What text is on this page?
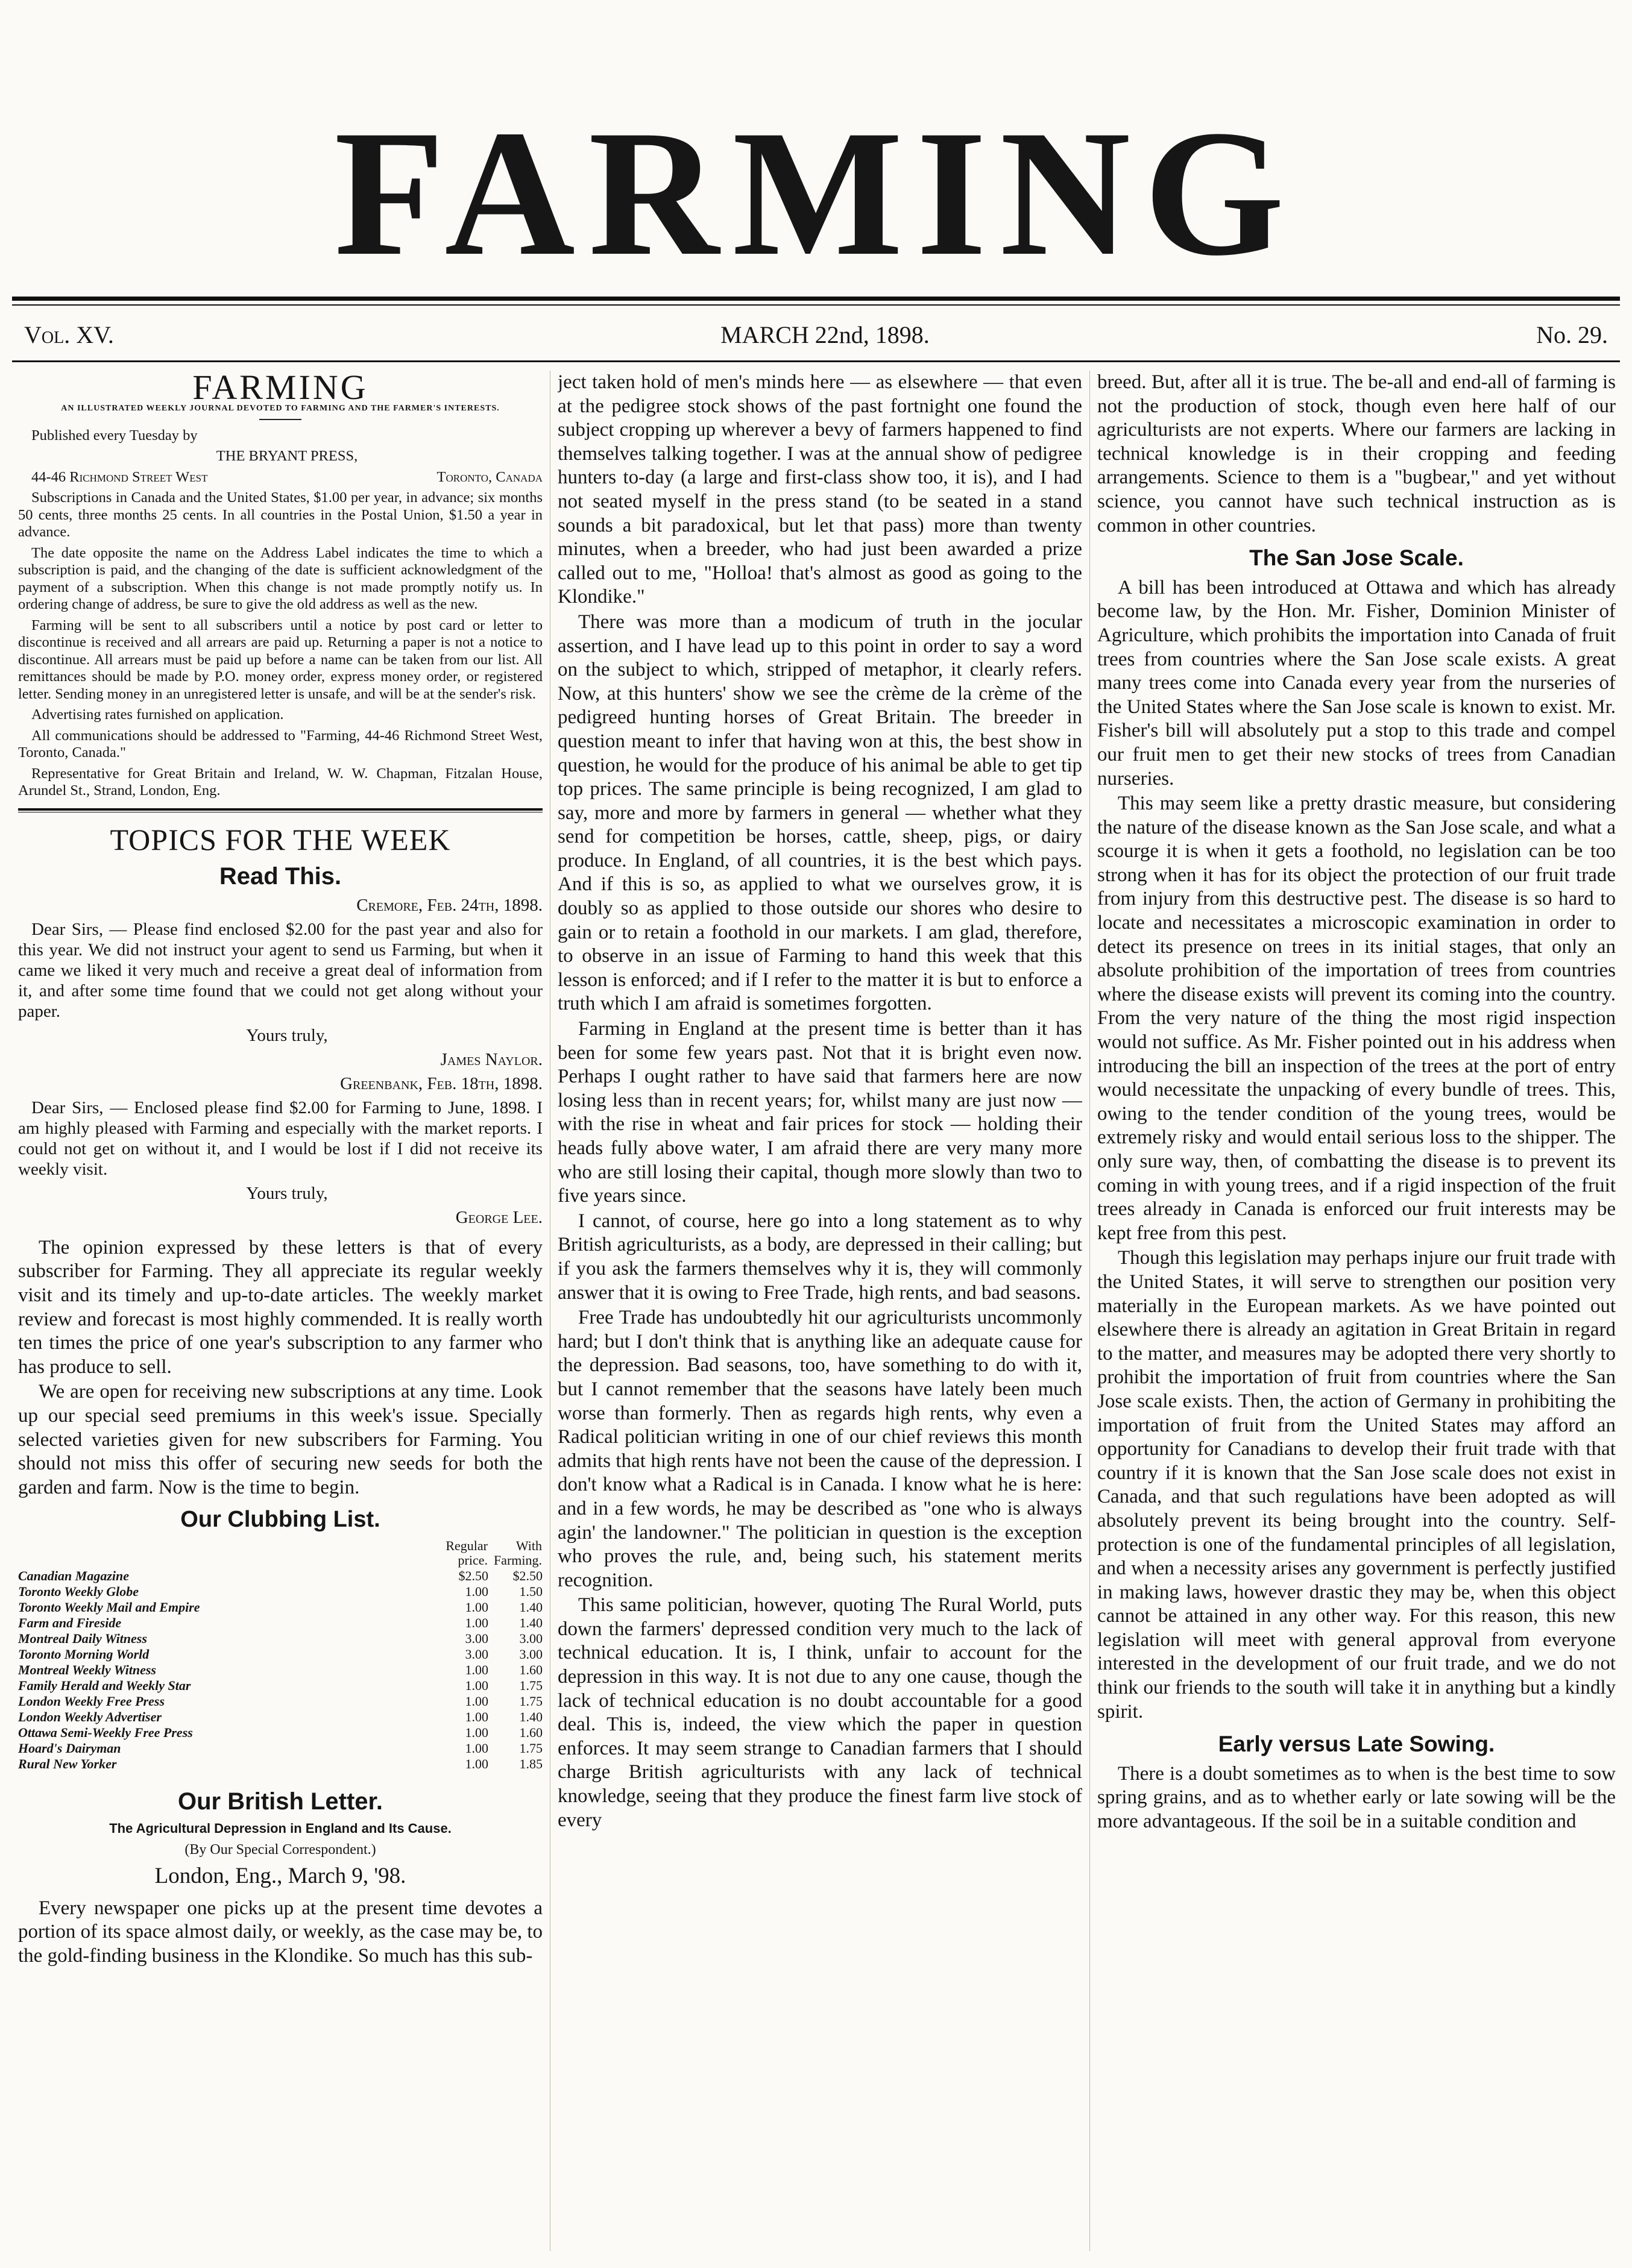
FARMING
Vol. XV.	MARCH 22nd, 1898.	No. 29.
FARMING
AN ILLUSTRATED WEEKLY JOURNAL DEVOTED TO FARMING AND THE FARMER'S INTERESTS.

Published every Tuesday by

THE BRYANT PRESS,

44-46 Richmond Street West	Toronto, Canada

Subscriptions in Canada and the United States, $1.00 per year, in advance; six months 50 cents, three months 25 cents. In all countries in the Postal Union, $1.50 a year in advance.

The date opposite the name on the Address Label indicates the time to which a subscription is paid, and the changing of the date is sufficient acknowledgment of the payment of a subscription. When this change is not made promptly notify us. In ordering change of address, be sure to give the old address as well as the new.

Farming will be sent to all subscribers until a notice by post card or letter to discontinue is received and all arrears are paid up. Returning a paper is not a notice to discontinue. All arrears must be paid up before a name can be taken from our list. All remittances should be made by P.O. money order, express money order, or registered letter. Sending money in an unregistered letter is unsafe, and will be at the sender's risk.

Advertising rates furnished on application.

All communications should be addressed to "Farming, 44-46 Richmond Street West, Toronto, Canada."

Representative for Great Britain and Ireland, W. W. Chapman, Fitzalan House, Arundel St., Strand, London, Eng.

TOPICS FOR THE WEEK
Read This.

Cremore, Feb. 24th, 1898.

Dear Sirs, — Please find enclosed $2.00 for the past year and also for this year. We did not instruct your agent to send us Farming, but when it came we liked it very much and receive a great deal of information from it, and after some time found that we could not get along without your paper.

Yours truly,

James Naylor.

Greenbank, Feb. 18th, 1898.

Dear Sirs, — Enclosed please find $2.00 for Farming to June, 1898. I am highly pleased with Farming and especially with the market reports. I could not get on without it, and I would be lost if I did not receive its weekly visit.

Yours truly,

George Lee.

The opinion expressed by these letters is that of every subscriber for Farming. They all appreciate its regular weekly visit and its timely and up-to-date articles. The weekly market review and forecast is most highly commended. It is really worth ten times the price of one year's subscription to any farmer who has produce to sell.

We are open for receiving new subscriptions at any time. Look up our special seed premiums in this week's issue. Specially selected varieties given for new subscribers for Farming. You should not miss this offer of securing new seeds for both the garden and farm. Now is the time to begin.

Our Clubbing List.
	Regular price.	With Farming.
Canadian Magazine	$2.50	$2.50
Toronto Weekly Globe	1.00	1.50
Toronto Weekly Mail and Empire	1.00	1.40
Farm and Fireside	1.00	1.40
Montreal Daily Witness	3.00	3.00
Toronto Morning World	3.00	3.00
Montreal Weekly Witness	1.00	1.60
Family Herald and Weekly Star	1.00	1.75
London Weekly Free Press	1.00	1.75
London Weekly Advertiser	1.00	1.40
Ottawa Semi-Weekly Free Press	1.00	1.60
Hoard's Dairyman	1.00	1.75
Rural New Yorker	1.00	1.85
Our British Letter.

The Agricultural Depression in England and Its Cause.

(By Our Special Correspondent.)

London, Eng., March 9, '98.

Every newspaper one picks up at the present time devotes a portion of its space almost daily, or weekly, as the case may be, to the gold-finding business in the Klondike. So much has this sub-

ject taken hold of men's minds here — as elsewhere — that even at the pedigree stock shows of the past fortnight one found the subject cropping up wherever a bevy of farmers happened to find themselves talking together. I was at the annual show of pedigree hunters to-day (a large and first-class show too, it is), and I had not seated myself in the press stand (to be seated in a stand sounds a bit paradoxical, but let that pass) more than twenty minutes, when a breeder, who had just been awarded a prize called out to me, "Holloa! that's almost as good as going to the Klondike."

There was more than a modicum of truth in the jocular assertion, and I have lead up to this point in order to say a word on the subject to which, stripped of metaphor, it clearly refers. Now, at this hunters' show we see the crème de la crème of the pedigreed hunting horses of Great Britain. The breeder in question meant to infer that having won at this, the best show in question, he would for the produce of his animal be able to get tip top prices. The same principle is being recognized, I am glad to say, more and more by farmers in general — whether what they send for competition be horses, cattle, sheep, pigs, or dairy produce. In England, of all countries, it is the best which pays. And if this is so, as applied to what we ourselves grow, it is doubly so as applied to those outside our shores who desire to gain or to retain a foothold in our markets. I am glad, therefore, to observe in an issue of Farming to hand this week that this lesson is enforced; and if I refer to the matter it is but to enforce a truth which I am afraid is sometimes forgotten.

Farming in England at the present time is better than it has been for some few years past. Not that it is bright even now. Perhaps I ought rather to have said that farmers here are now losing less than in recent years; for, whilst many are just now — with the rise in wheat and fair prices for stock — holding their heads fully above water, I am afraid there are very many more who are still losing their capital, though more slowly than two to five years since.

I cannot, of course, here go into a long statement as to why British agriculturists, as a body, are depressed in their calling; but if you ask the farmers themselves why it is, they will commonly answer that it is owing to Free Trade, high rents, and bad seasons.

Free Trade has undoubtedly hit our agriculturists uncommonly hard; but I don't think that is anything like an adequate cause for the depression. Bad seasons, too, have something to do with it, but I cannot remember that the seasons have lately been much worse than formerly. Then as regards high rents, why even a Radical politician writing in one of our chief reviews this month admits that high rents have not been the cause of the depression. I don't know what a Radical is in Canada. I know what he is here: and in a few words, he may be described as "one who is always agin' the landowner." The politician in question is the exception who proves the rule, and, being such, his statement merits recognition.

This same politician, however, quoting The Rural World, puts down the farmers' depressed condition very much to the lack of technical education. It is, I think, unfair to account for the depression in this way. It is not due to any one cause, though the lack of technical education is no doubt accountable for a good deal. This is, indeed, the view which the paper in question enforces. It may seem strange to Canadian farmers that I should charge British agriculturists with any lack of technical knowledge, seeing that they produce the finest farm live stock of every

breed. But, after all it is true. The be-all and end-all of farming is not the production of stock, though even here half of our agriculturists are not experts. Where our farmers are lacking in technical knowledge is in their cropping and feeding arrangements. Science to them is a "bugbear," and yet without science, you cannot have such technical instruction as is common in other countries.

The San Jose Scale.

A bill has been introduced at Ottawa and which has already become law, by the Hon. Mr. Fisher, Dominion Minister of Agriculture, which prohibits the importation into Canada of fruit trees from countries where the San Jose scale exists. A great many trees come into Canada every year from the nurseries of the United States where the San Jose scale is known to exist. Mr. Fisher's bill will absolutely put a stop to this trade and compel our fruit men to get their new stocks of trees from Canadian nurseries.

This may seem like a pretty drastic measure, but considering the nature of the disease known as the San Jose scale, and what a scourge it is when it gets a foothold, no legislation can be too strong when it has for its object the protection of our fruit trade from injury from this destructive pest. The disease is so hard to locate and necessitates a microscopic examination in order to detect its presence on trees in its initial stages, that only an absolute prohibition of the importation of trees from countries where the disease exists will prevent its coming into the country. From the very nature of the thing the most rigid inspection would not suffice. As Mr. Fisher pointed out in his address when introducing the bill an inspection of the trees at the port of entry would necessitate the unpacking of every bundle of trees. This, owing to the tender condition of the young trees, would be extremely risky and would entail serious loss to the shipper. The only sure way, then, of combatting the disease is to prevent its coming in with young trees, and if a rigid inspection of the fruit trees already in Canada is enforced our fruit interests may be kept free from this pest.

Though this legislation may perhaps injure our fruit trade with the United States, it will serve to strengthen our position very materially in the European markets. As we have pointed out elsewhere there is already an agitation in Great Britain in regard to the matter, and measures may be adopted there very shortly to prohibit the importation of fruit from countries where the San Jose scale exists. Then, the action of Germany in prohibiting the importation of fruit from the United States may afford an opportunity for Canadians to develop their fruit trade with that country if it is known that the San Jose scale does not exist in Canada, and that such regulations have been adopted as will absolutely prevent its being brought into the country. Self-protection is one of the fundamental principles of all legislation, and when a necessity arises any government is perfectly justified in making laws, however drastic they may be, when this object cannot be attained in any other way. For this reason, this new legislation will meet with general approval from everyone interested in the development of our fruit trade, and we do not think our friends to the south will take it in anything but a kindly spirit.

Early versus Late Sowing.

There is a doubt sometimes as to when is the best time to sow spring grains, and as to whether early or late sowing will be the more advantageous. If the soil be in a suitable condition and
